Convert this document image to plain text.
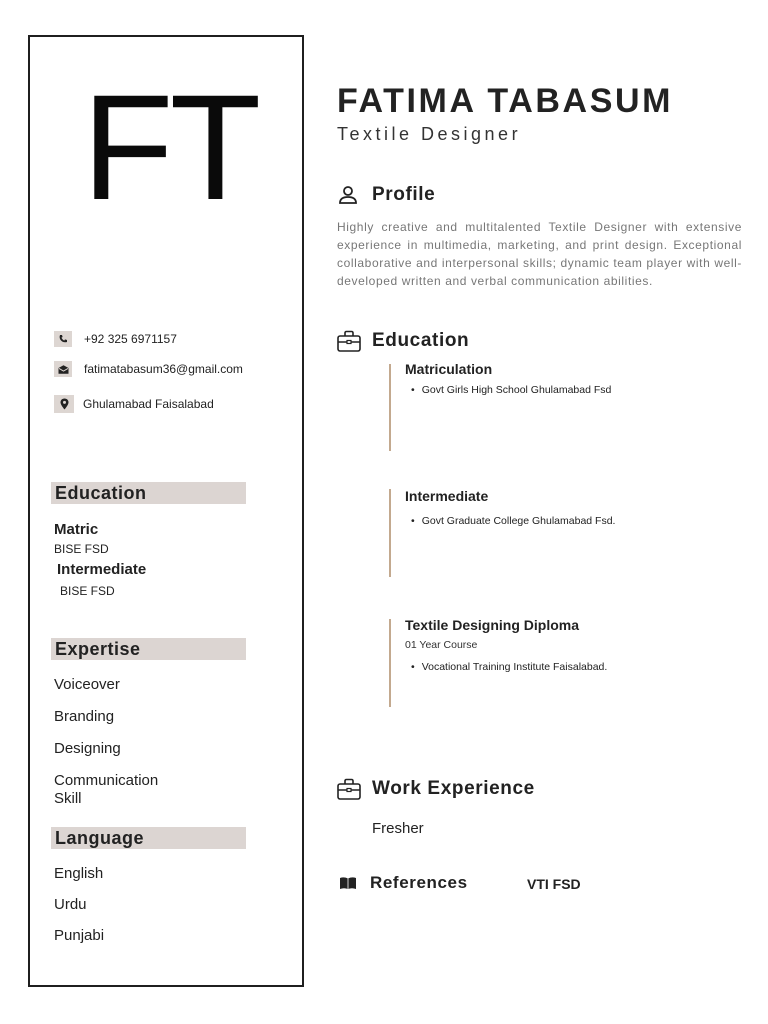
FT
+92 325 6971157
fatimatabasum36@gmail.com
Ghulamabad Faisalabad
Education
Matric
BISE FSD
Intermediate
BISE FSD
Expertise
Voiceover
Branding
Designing
Communication
Skill
Language
English
Urdu
Punjabi
FATIMA TABASUM
Textile Designer
Profile
Highly creative and multitalented Textile Designer with extensive experience in multimedia, marketing, and print design. Exceptional collaborative and interpersonal skills; dynamic team player with well-developed written and verbal communication abilities.
Education
Matriculation
• Govt Girls High School Ghulamabad Fsd
Intermediate
• Govt Graduate College Ghulamabad Fsd.
Textile Designing Diploma
01 Year Course
• Vocational Training Institute Faisalabad.
Work Experience
Fresher
References	VTI FSD
